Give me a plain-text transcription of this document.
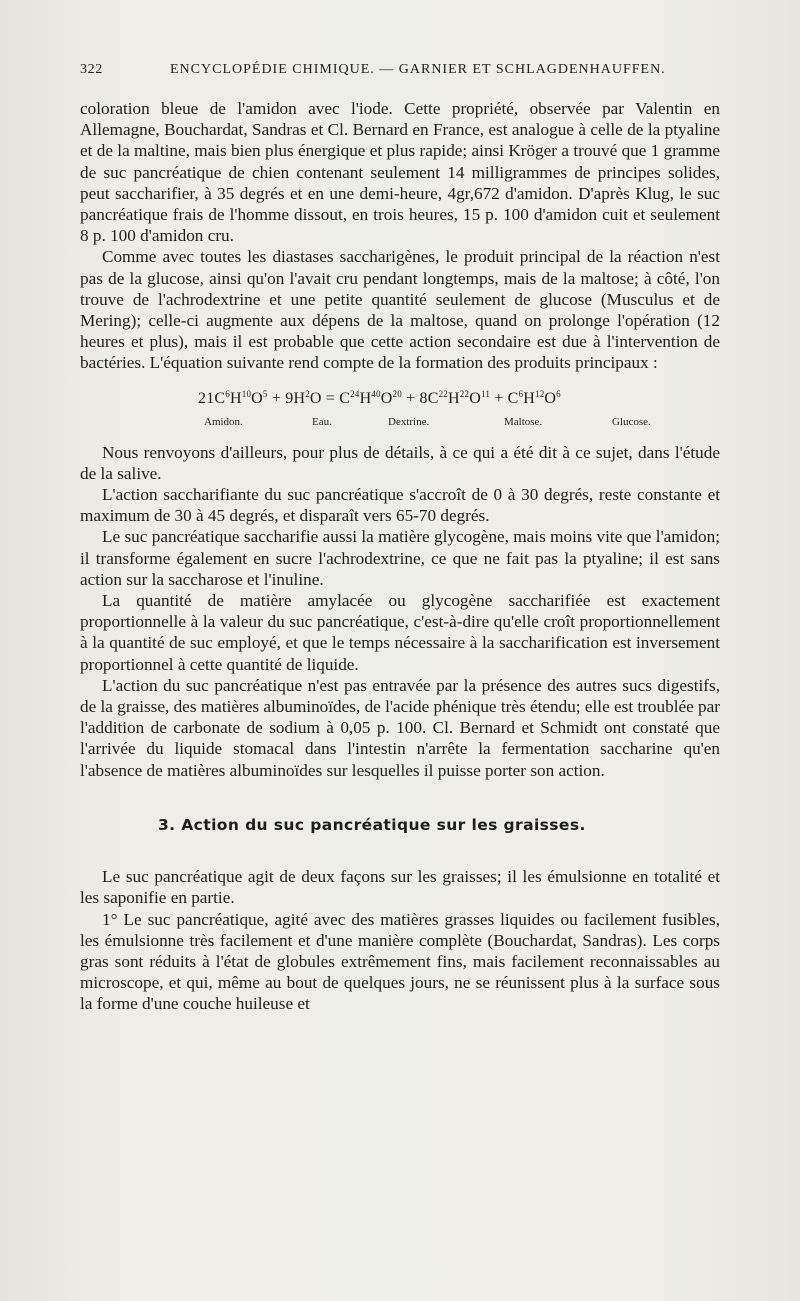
322	ENCYCLOPÉDIE CHIMIQUE. — GARNIER ET SCHLAGDENHAUFFEN.

coloration bleue de l'amidon avec l'iode. Cette propriété, observée par Valentin en Allemagne, Bouchardat, Sandras et Cl. Bernard en France, est analogue à celle de la ptyaline et de la maltine, mais bien plus énergique et plus rapide; ainsi Kröger a trouvé que 1 gramme de suc pancréatique de chien contenant seulement 14 milligrammes de principes solides, peut saccharifier, à 35 degrés et en une demi-heure, 4gr,672 d'amidon. D'après Klug, le suc pancréatique frais de l'homme dissout, en trois heures, 15 p. 100 d'amidon cuit et seulement 8 p. 100 d'amidon cru.

Comme avec toutes les diastases saccharigènes, le produit principal de la réaction n'est pas de la glucose, ainsi qu'on l'avait cru pendant longtemps, mais de la maltose; à côté, l'on trouve de l'achrodextrine et une petite quantité seulement de glucose (Musculus et de Mering); celle-ci augmente aux dépens de la maltose, quand on prolonge l'opération (12 heures et plus), mais il est probable que cette action secondaire est due à l'intervention de bactéries. L'équation suivante rend compte de la formation des produits principaux :

$21C^6H^{10}O^5 + 9H^2O = C^{24}H^{40}O^{20} + 8C^{22}H^{22}O^{11} + C^6H^{12}O^6$
Amidon.	Eau.	Dextrine.	Maltose.	Glucose.

Nous renvoyons d'ailleurs, pour plus de détails, à ce qui a été dit à ce sujet, dans l'étude de la salive.

L'action saccharifiante du suc pancréatique s'accroît de 0 à 30 degrés, reste constante et maximum de 30 à 45 degrés, et disparaît vers 65-70 degrés.

Le suc pancréatique saccharifie aussi la matière glycogène, mais moins vite que l'amidon; il transforme également en sucre l'achrodextrine, ce que ne fait pas la ptyaline; il est sans action sur la saccharose et l'inuline.

La quantité de matière amylacée ou glycogène saccharifiée est exactement proportionnelle à la valeur du suc pancréatique, c'est-à-dire qu'elle croît proportionnellement à la quantité de suc employé, et que le temps nécessaire à la saccharification est inversement proportionnel à cette quantité de liquide.

L'action du suc pancréatique n'est pas entravée par la présence des autres sucs digestifs, de la graisse, des matières albuminoïdes, de l'acide phénique très étendu; elle est troublée par l'addition de carbonate de sodium à 0,05 p. 100. Cl. Bernard et Schmidt ont constaté que l'arrivée du liquide stomacal dans l'intestin n'arrête la fermentation saccharine qu'en l'absence de matières albuminoïdes sur lesquelles il puisse porter son action.

3. Action du suc pancréatique sur les graisses.

Le suc pancréatique agit de deux façons sur les graisses; il les émulsionne en totalité et les saponifie en partie.

1° Le suc pancréatique, agité avec des matières grasses liquides ou facilement fusibles, les émulsionne très facilement et d'une manière complète (Bouchardat, Sandras). Les corps gras sont réduits à l'état de globules extrêmement fins, mais facilement reconnaissables au microscope, et qui, même au bout de quelques jours, ne se réunissent plus à la surface sous la forme d'une couche huileuse et
